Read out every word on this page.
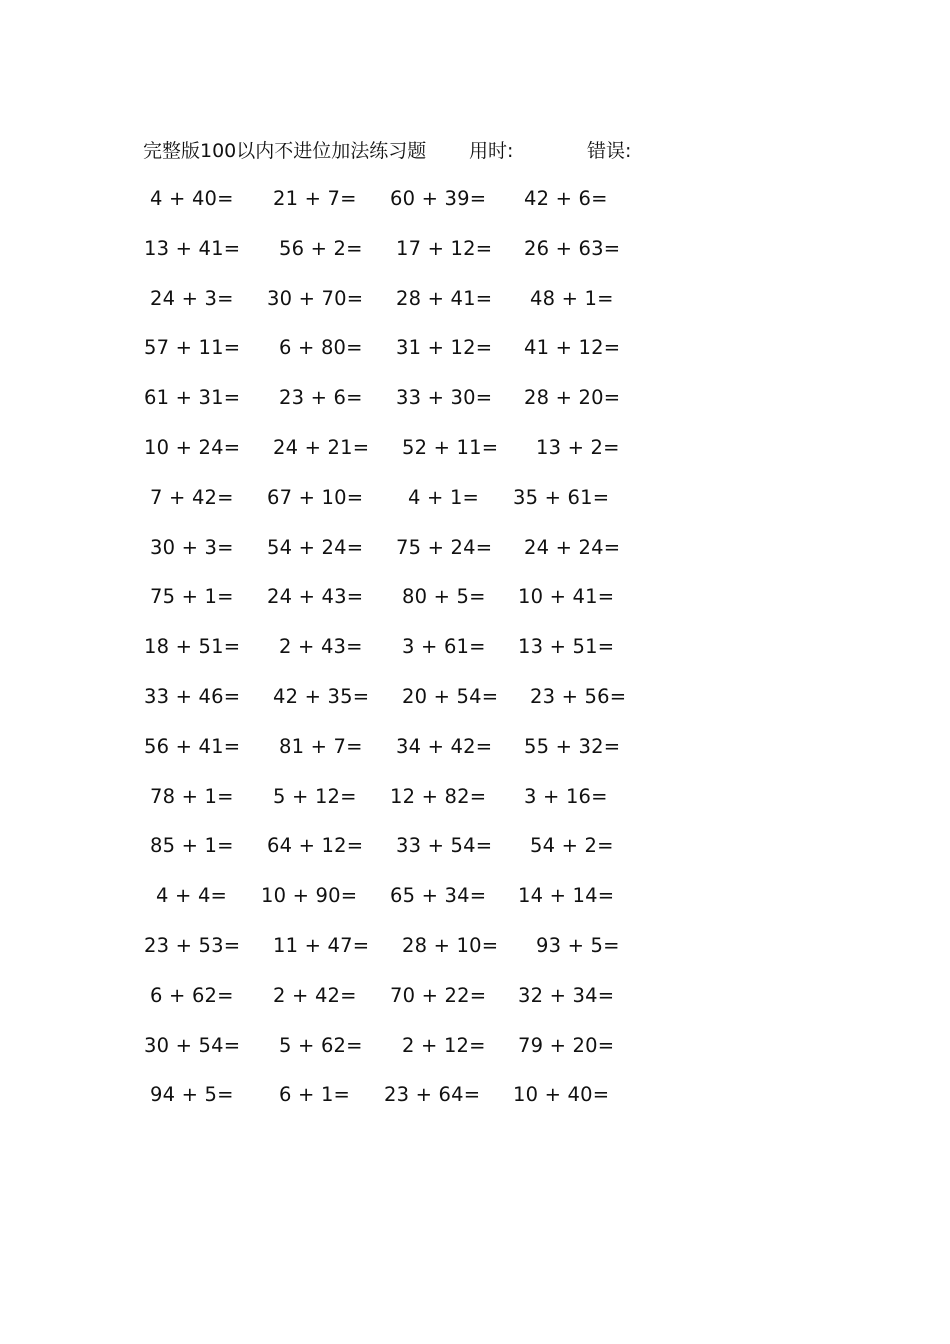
完整版100以内不进位加法练习题 用时:	错误:
4 + 40= 21 + 7= 60 + 39= 42 + 6=
13 + 41= 56 + 2= 17 + 12= 26 + 63=
24 + 3= 30 + 70= 28 + 41= 48 + 1=
57 + 11= 6 + 80= 31 + 12= 41 + 12=
61 + 31= 23 + 6= 33 + 30= 28 + 20=
10 + 24= 24 + 21= 52 + 11= 13 + 2=
7 + 42= 67 + 10= 4 + 1= 35 + 61=
30 + 3= 54 + 24= 75 + 24= 24 + 24=
75 + 1= 24 + 43= 80 + 5= 10 + 41=
18 + 51= 2 + 43= 3 + 61= 13 + 51=
33 + 46= 42 + 35= 20 + 54= 23 + 56=
56 + 41= 81 + 7= 34 + 42= 55 + 32=
78 + 1= 5 + 12= 12 + 82= 3 + 16=
85 + 1= 64 + 12= 33 + 54= 54 + 2=
4 + 4= 10 + 90= 65 + 34= 14 + 14=
23 + 53= 11 + 47= 28 + 10= 93 + 5=
6 + 62= 2 + 42= 70 + 22= 32 + 34=
30 + 54= 5 + 62= 2 + 12= 79 + 20=
94 + 5= 6 + 1= 23 + 64= 10 + 40=
